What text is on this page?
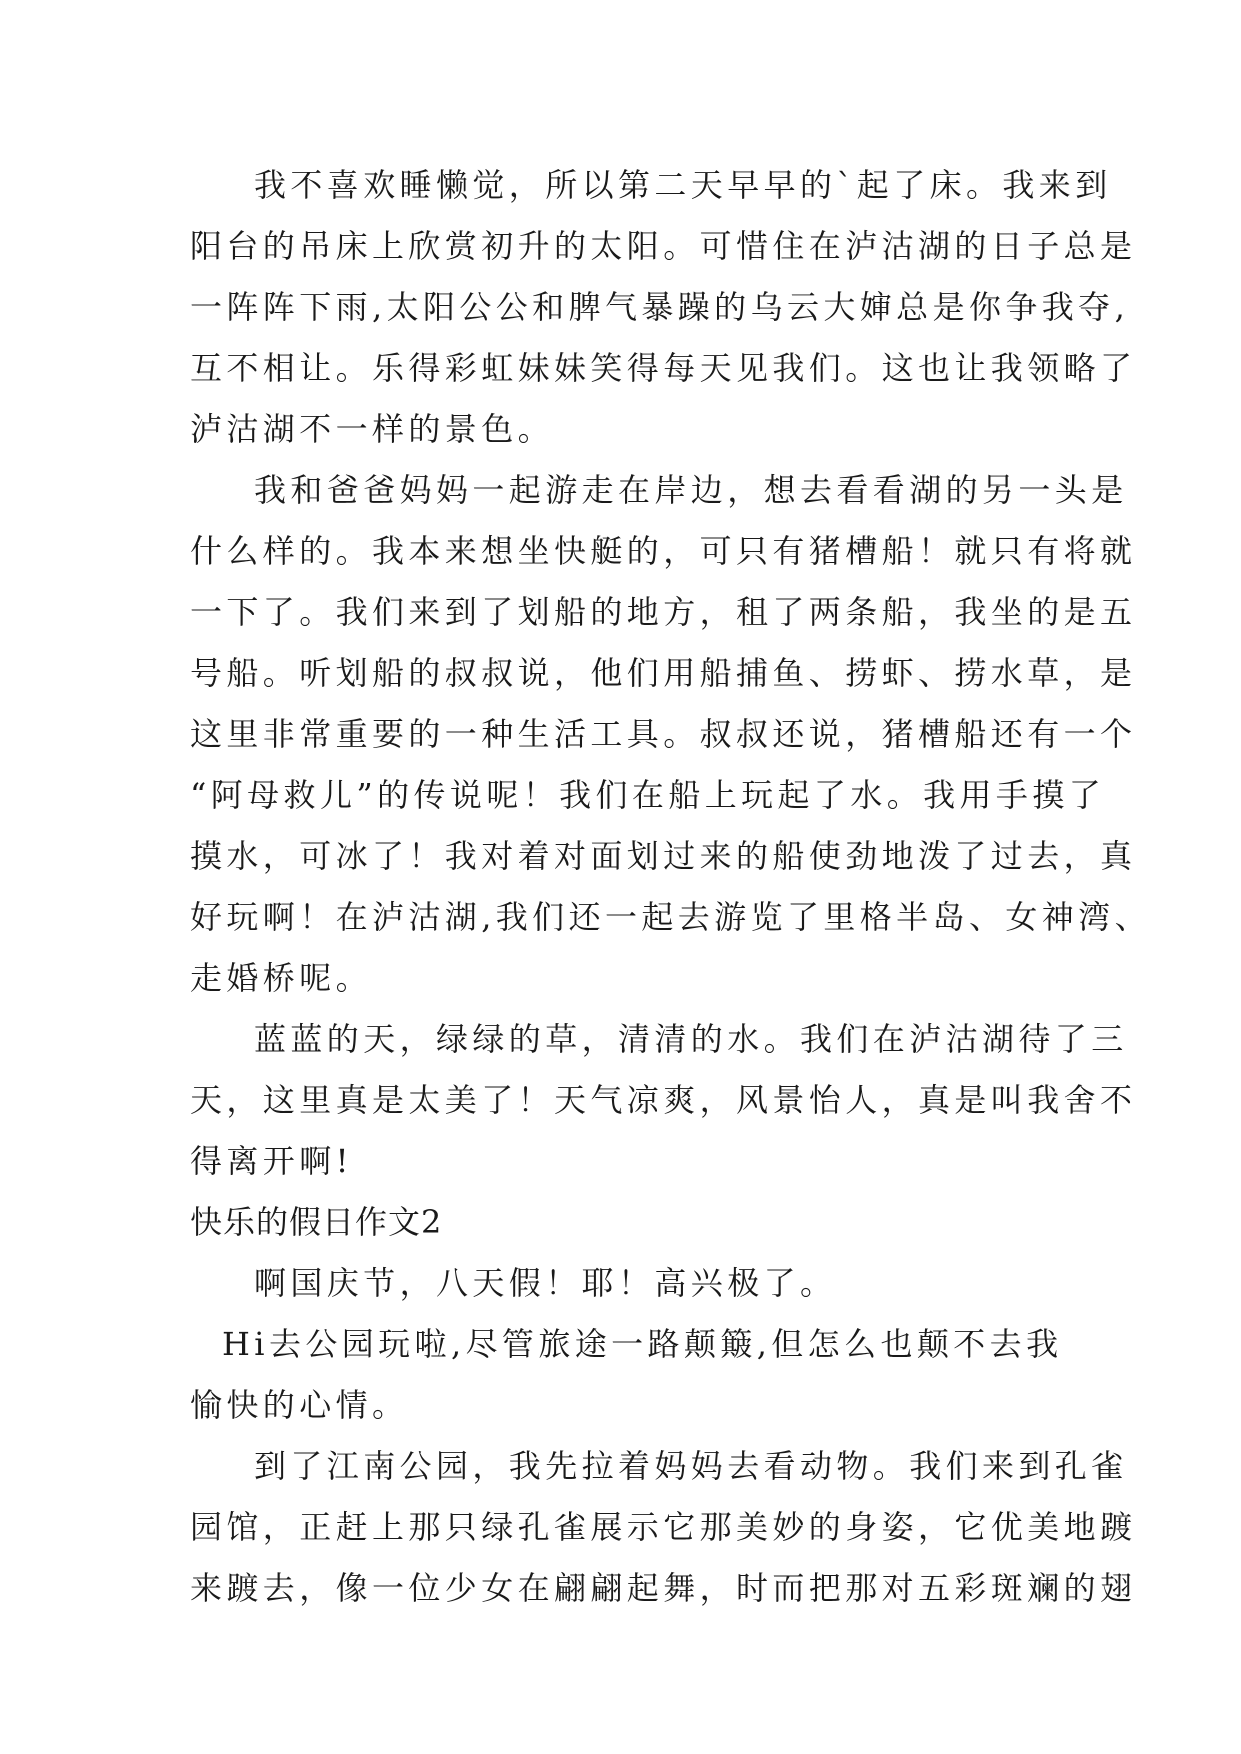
我不喜欢睡懒觉，所以第二天早早的`起了床。我来到
阳台的吊床上欣赏初升的太阳。可惜住在泸沽湖的日子总是
一阵阵下雨,太阳公公和脾气暴躁的乌云大婶总是你争我夺,
互不相让。乐得彩虹妹妹笑得每天见我们。这也让我领略了
泸沽湖不一样的景色。
我和爸爸妈妈一起游走在岸边，想去看看湖的另一头是
什么样的。我本来想坐快艇的，可只有猪槽船！就只有将就
一下了。我们来到了划船的地方，租了两条船，我坐的是五
号船。听划船的叔叔说，他们用船捕鱼、捞虾、捞水草，是
这里非常重要的一种生活工具。叔叔还说，猪槽船还有一个
“阿母救儿”的传说呢！我们在船上玩起了水。我用手摸了
摸水，可冰了！我对着对面划过来的船使劲地泼了过去，真
好玩啊！在泸沽湖,我们还一起去游览了里格半岛、女神湾、
走婚桥呢。
蓝蓝的天，绿绿的草，清清的水。我们在泸沽湖待了三
天，这里真是太美了！天气凉爽，风景怡人，真是叫我舍不
得离开啊!
快乐的假日作文2
啊国庆节，八天假！耶！高兴极了。
Hi去公园玩啦,尽管旅途一路颠簸,但怎么也颠不去我
愉快的心情。
到了江南公园，我先拉着妈妈去看动物。我们来到孔雀
园馆，正赶上那只绿孔雀展示它那美妙的身姿，它优美地踱
来踱去，像一位少女在翩翩起舞，时而把那对五彩斑斓的翅
